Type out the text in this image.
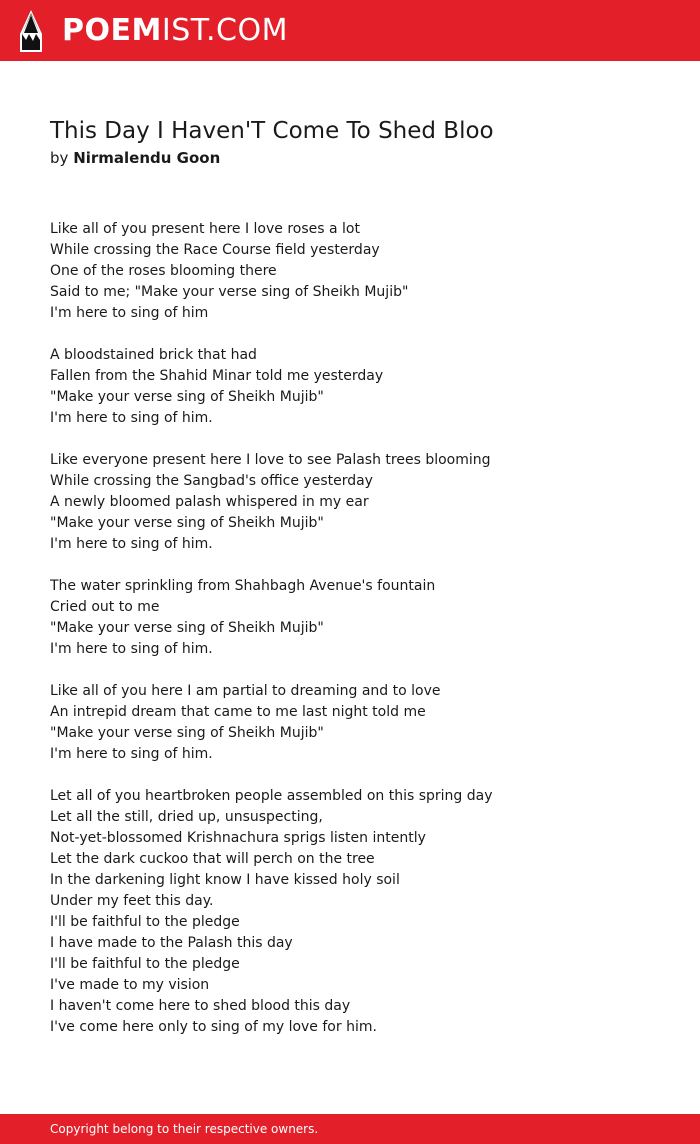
POEMIST.COM
This Day I Haven'T Come To Shed Bloo
by Nirmalendu Goon
Like all of you present here I love roses a lot
While crossing the Race Course field yesterday
One of the roses blooming there
Said to me; "Make your verse sing of Sheikh Mujib"
I'm here to sing of him
A bloodstained brick that had
Fallen from the Shahid Minar told me yesterday
"Make your verse sing of Sheikh Mujib"
I'm here to sing of him.
Like everyone present here I love to see Palash trees blooming
While crossing the Sangbad's office yesterday
A newly bloomed palash whispered in my ear
"Make your verse sing of Sheikh Mujib"
I'm here to sing of him.
The water sprinkling from Shahbagh Avenue's fountain
Cried out to me
"Make your verse sing of Sheikh Mujib"
I'm here to sing of him.
Like all of you here I am partial to dreaming and to love
An intrepid dream that came to me last night told me
"Make your verse sing of Sheikh Mujib"
I'm here to sing of him.
Let all of you heartbroken people assembled on this spring day
Let all the still, dried up, unsuspecting,
Not-yet-blossomed Krishnachura sprigs listen intently
Let the dark cuckoo that will perch on the tree
In the darkening light know I have kissed holy soil
Under my feet this day.
I'll be faithful to the pledge
I have made to the Palash this day
I'll be faithful to the pledge
I've made to my vision
I haven't come here to shed blood this day
I've come here only to sing of my love for him.
Copyright belong to their respective owners.
